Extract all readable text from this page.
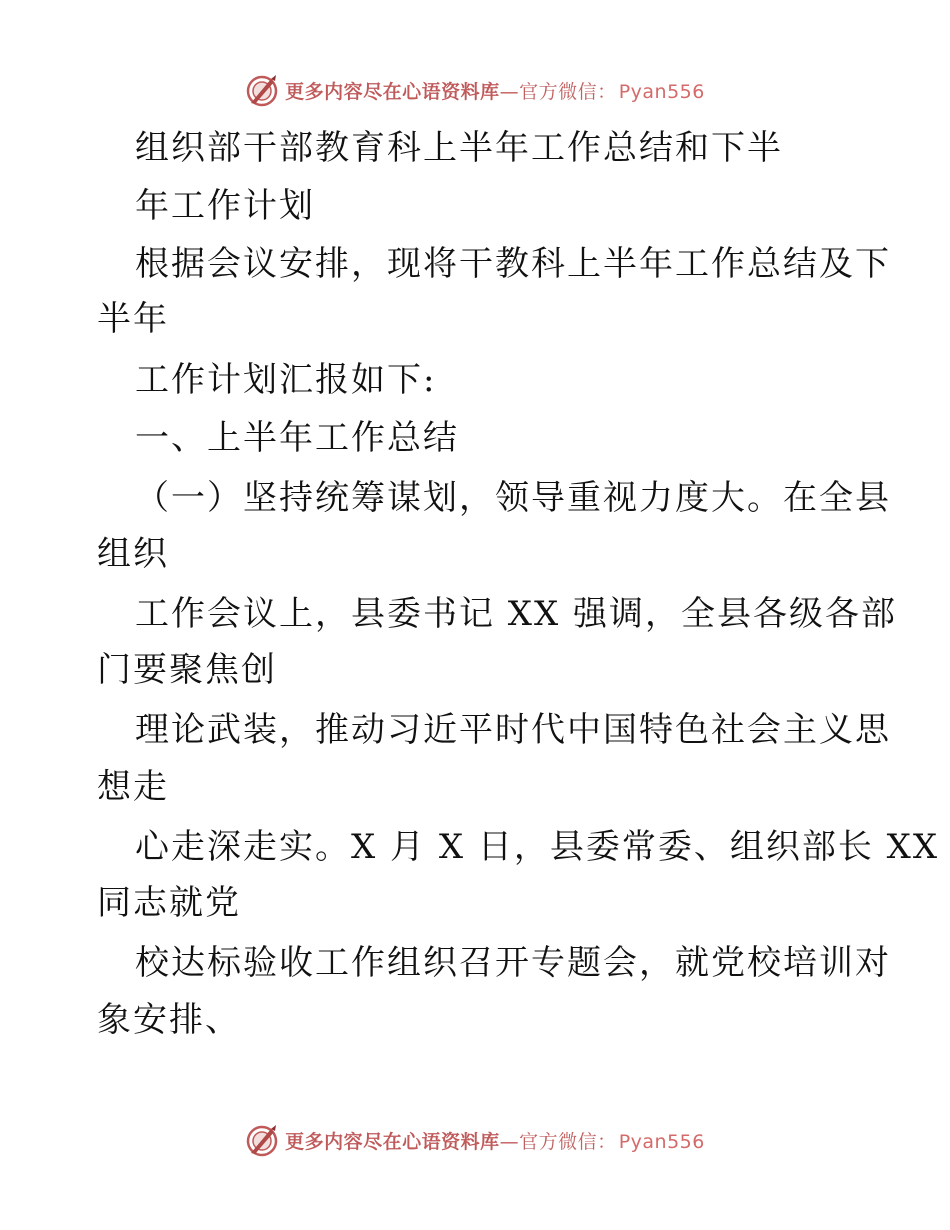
更多内容尽在心语资料库—官方微信： Pyan556
组织部干部教育科上半年工作总结和下半
年工作计划
根据会议安排，现将干教科上半年工作总结及下
半年
工作计划汇报如下:
一、上半年工作总结
（一）坚持统筹谋划，领导重视力度大。在全县
组织
工作会议上，县委书记 XX 强调，全县各级各部
门要聚焦创
理论武装，推动习近平时代中国特色社会主义思
想走
心走深走实。X 月 X 日，县委常委、组织部长 XX
同志就党
校达标验收工作组织召开专题会，就党校培训对
象安排、
更多内容尽在心语资料库—官方微信： Pyan556
